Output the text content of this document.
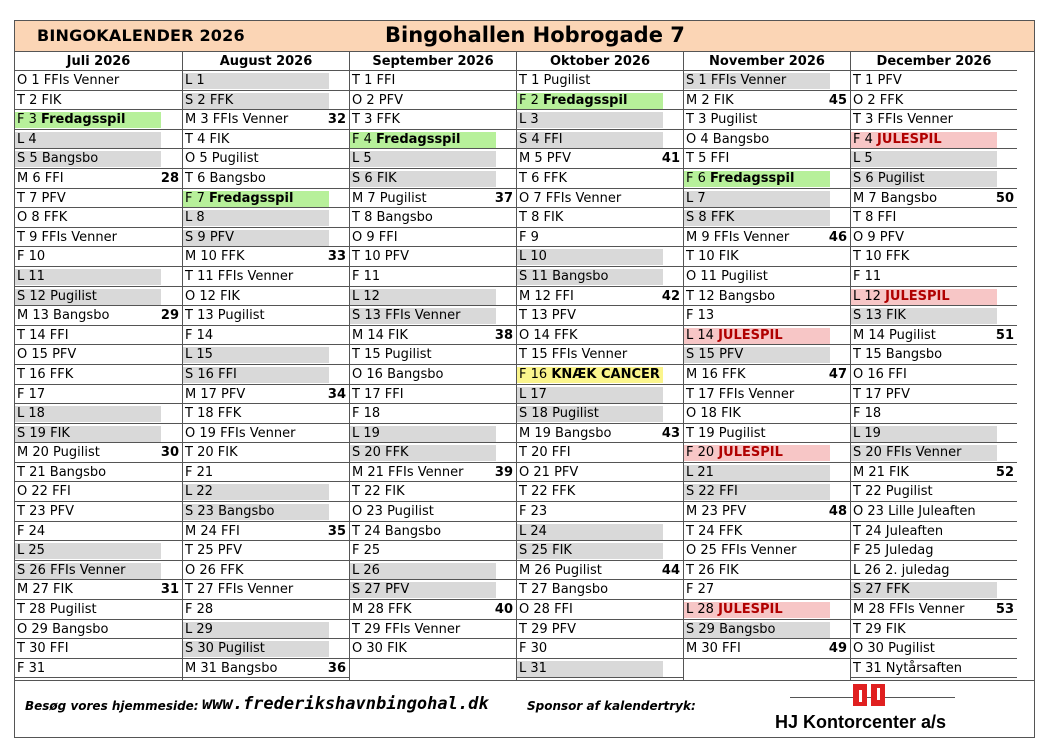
BINGOKALENDER 2026	Bingohallen Hobrogade 7
Juli 2026
O 1 FFIs Venner
T 2 FIK
F 3 Fredagsspil
L 4
S 5 Bangsbo
M 6 FFI	28
T 7 PFV
O 8 FFK
T 9 FFIs Venner
F 10
L 11
S 12 Pugilist
M 13 Bangsbo	29
T 14 FFI
O 15 PFV
T 16 FFK
F 17
L 18
S 19 FIK
M 20 Pugilist	30
T 21 Bangsbo
O 22 FFI
T 23 PFV
F 24
L 25
S 26 FFIs Venner
M 27 FIK	31
T 28 Pugilist
O 29 Bangsbo
T 30 FFI
F 31
August 2026
L 1
S 2 FFK
M 3 FFIs Venner	32
T 4 FIK
O 5 Pugilist
T 6 Bangsbo
F 7 Fredagsspil
L 8
S 9 PFV
M 10 FFK	33
T 11 FFIs Venner
O 12 FIK
T 13 Pugilist
F 14
L 15
S 16 FFI
M 17 PFV	34
T 18 FFK
O 19 FFIs Venner
T 20 FIK
F 21
L 22
S 23 Bangsbo
M 24 FFI	35
T 25 PFV
O 26 FFK
T 27 FFIs Venner
F 28
L 29
S 30 Pugilist
M 31 Bangsbo	36
September 2026
T 1 FFI
O 2 PFV
T 3 FFK
F 4 Fredagsspil
L 5
S 6 FIK
M 7 Pugilist	37
T 8 Bangsbo
O 9 FFI
T 10 PFV
F 11
L 12
S 13 FFIs Venner
M 14 FIK	38
T 15 Pugilist
O 16 Bangsbo
T 17 FFI
F 18
L 19
S 20 FFK
M 21 FFIs Venner 39
T 22 FIK
O 23 Pugilist
T 24 Bangsbo
F 25
L 26
S 27 PFV
M 28 FFK	40
T 29 FFIs Venner
O 30 FIK
Oktober 2026
T 1 Pugilist
F 2 Fredagsspil
L 3
S 4 FFI
M 5 PFV	41
T 6 FFK
O 7 FFIs Venner
T 8 FIK
F 9
L 10
S 11 Bangsbo
M 12 FFI	42
T 13 PFV
O 14 FFK
T 15 FFIs Venner
F 16 KNÆK CANCER
L 17
S 18 Pugilist
M 19 Bangsbo	43
T 20 FFI
O 21 PFV
T 22 FFK
F 23
L 24
S 25 FIK
M 26 Pugilist	44
T 27 Bangsbo
O 28 FFI
T 29 PFV
F 30
L 31
November 2026
S 1 FFIs Venner
M 2 FIK	45
T 3 Pugilist
O 4 Bangsbo
T 5 FFI
F 6 Fredagsspil
L 7
S 8 FFK
M 9 FFIs Venner	46
T 10 FIK
O 11 Pugilist
T 12 Bangsbo
F 13
L 14 JULESPIL
S 15 PFV
M 16 FFK	47
T 17 FFIs Venner
O 18 FIK
T 19 Pugilist
F 20 JULESPIL
L 21
S 22 FFI
M 23 PFV	48
T 24 FFK
O 25 FFIs Venner
T 26 FIK
F 27
L 28 JULESPIL
S 29 Bangsbo
M 30 FFI	49
December 2026
T 1 PFV
O 2 FFK
T 3 FFIs Venner
F 4 JULESPIL
L 5
S 6 Pugilist
M 7 Bangsbo	50
T 8 FFI
O 9 PFV
T 10 FFK
F 11
L 12 JULESPIL
S 13 FIK
M 14 Pugilist	51
T 15 Bangsbo
O 16 FFI
T 17 PFV
F 18
L 19
S 20 FFIs Venner
M 21 FIK	52
T 22 Pugilist
O 23 Lille Juleaften
T 24 Juleaften
F 25 Juledag
L 26 2. juledag
S 27 FFK
M 28 FFIs Venner 53
T 29 FIK
O 30 Pugilist
T 31 Nytårsaften
Besøg vores hjemmeside: www.frederikshavnbingohal.dk	Sponsor af kalendertryk:
HJ Kontorcenter a/s
